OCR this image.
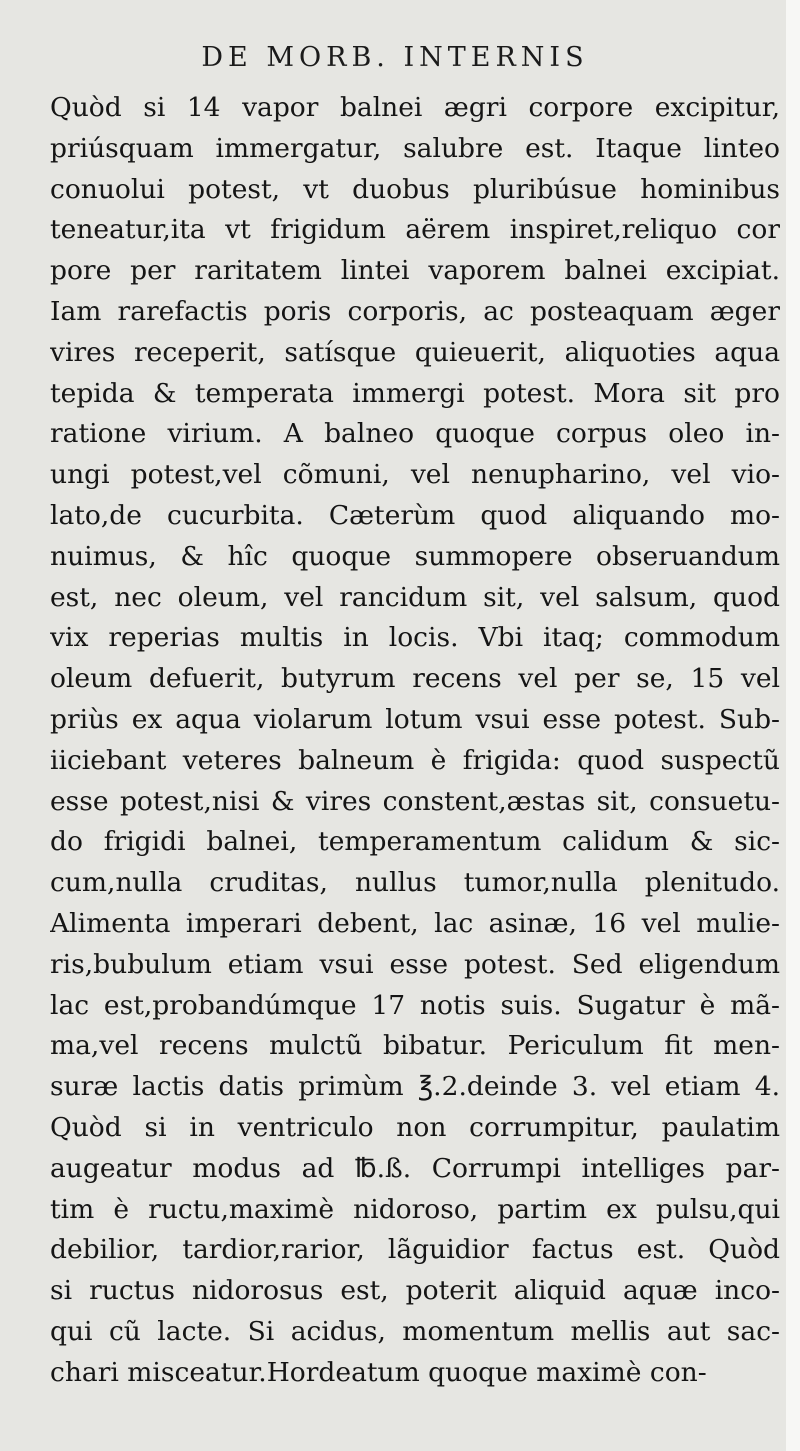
DE MORB. INTERNIS
Quòd si 14 vapor balnei ægri corpore excipitur,
priúsquam immergatur, salubre est. Itaque linteo
conuolui potest, vt duobus pluribúsue hominibus
teneatur,ita vt frigidum aërem inspiret,reliquo cor
pore per raritatem lintei vaporem balnei excipiat.
Iam rarefactis poris corporis, ac posteaquam æger
vires receperit, satísque quieuerit, aliquoties aqua
tepida & temperata immergi potest. Mora sit pro
ratione virium. A balneo quoque corpus oleo in-
ungi potest,vel cõmuni, vel nenupharino, vel vio-
lato,de cucurbita. Cæterùm quod aliquando mo-
nuimus, & hîc quoque summopere obseruandum
est, nec oleum, vel rancidum sit, vel salsum, quod
vix reperias multis in locis. Vbi itaq; commodum
oleum defuerit, butyrum recens vel per se, 15 vel
priùs ex aqua violarum lotum vsui esse potest. Sub-
iiciebant veteres balneum è frigida: quod suspectũ
esse potest,nisi & vires constent,æstas sit, consuetu-
do frigidi balnei, temperamentum calidum & sic-
cum,nulla cruditas, nullus tumor,nulla plenitudo.
Alimenta imperari debent, lac asinæ, 16 vel mulie-
ris,bubulum etiam vsui esse potest. Sed eligendum
lac est,probandúmque 17 notis suis. Sugatur è mã-
ma,vel recens mulctũ bibatur. Periculum fit men-
suræ lactis datis primùm ℥.2.deinde 3. vel etiam 4.
Quòd si in ventriculo non corrumpitur, paulatim
augeatur modus ad ℔.ß. Corrumpi intelliges par-
tim è ructu,maximè nidoroso, partim ex pulsu,qui
debilior, tardior,rarior, lãguidior factus est. Quòd
si ructus nidorosus est, poterit aliquid aquæ inco-
qui cũ lacte. Si acidus, momentum mellis aut sac-
chari misceatur.Hordeatum quoque maximè con-
